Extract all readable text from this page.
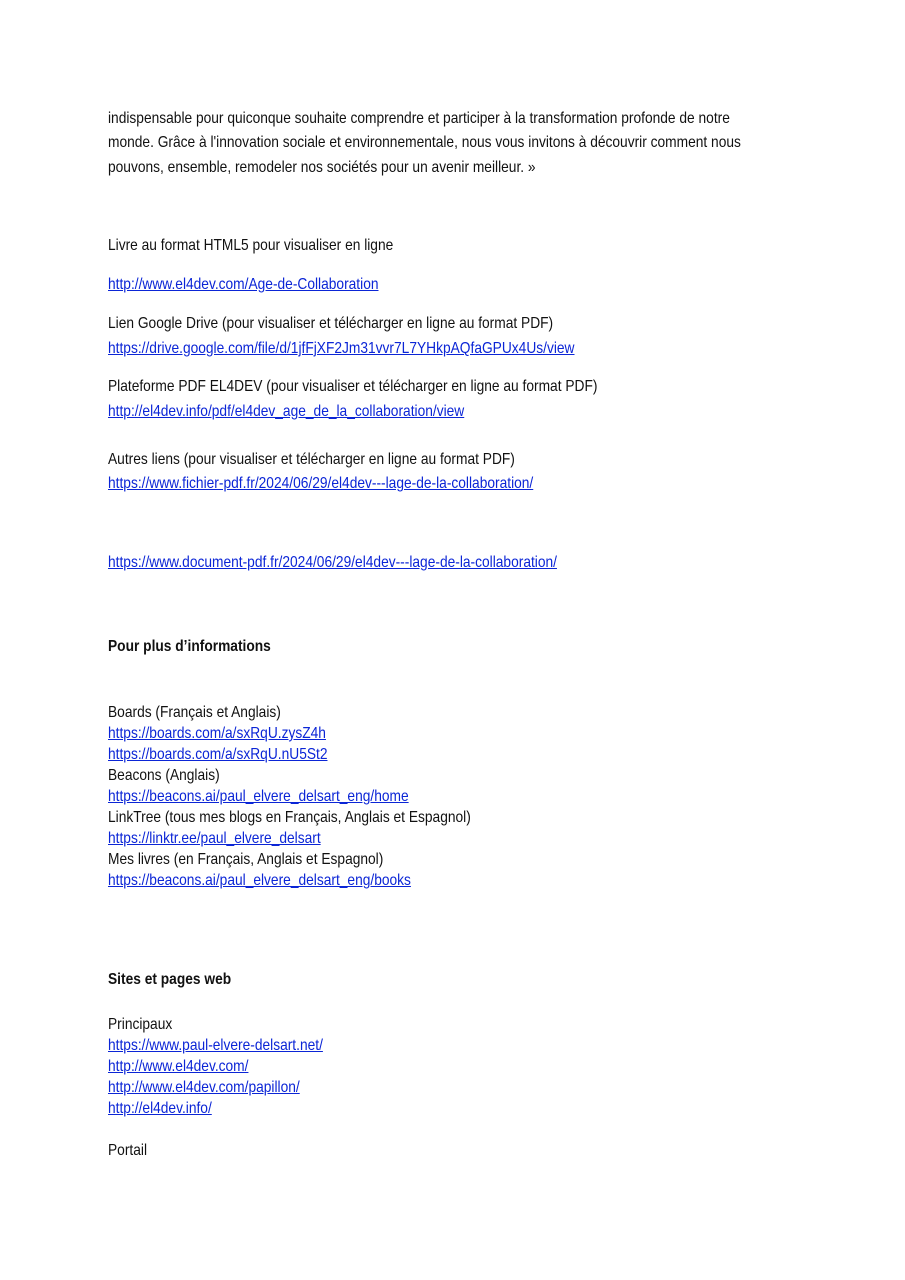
indispensable pour quiconque souhaite comprendre et participer à la transformation profonde de notre
monde. Grâce à l'innovation sociale et environnementale, nous vous invitons à découvrir comment nous
pouvons, ensemble, remodeler nos sociétés pour un avenir meilleur. »
Livre au format HTML5 pour visualiser en ligne
http://www.el4dev.com/Age-de-Collaboration
Lien Google Drive (pour visualiser et télécharger en ligne au format PDF)
https://drive.google.com/file/d/1jfFjXF2Jm31vvr7L7YHkpAQfaGPUx4Us/view
Plateforme PDF EL4DEV (pour visualiser et télécharger en ligne au format PDF)
http://el4dev.info/pdf/el4dev_age_de_la_collaboration/view
Autres liens (pour visualiser et télécharger en ligne au format PDF)
https://www.fichier-pdf.fr/2024/06/29/el4dev---lage-de-la-collaboration/
https://www.document-pdf.fr/2024/06/29/el4dev---lage-de-la-collaboration/
Pour plus d’informations
Boards (Français et Anglais)
https://boards.com/a/sxRqU.zysZ4h
https://boards.com/a/sxRqU.nU5St2
Beacons (Anglais)
https://beacons.ai/paul_elvere_delsart_eng/home
LinkTree (tous mes blogs en Français, Anglais et Espagnol)
https://linktr.ee/paul_elvere_delsart
Mes livres (en Français, Anglais et Espagnol)
https://beacons.ai/paul_elvere_delsart_eng/books
Sites et pages web
Principaux
https://www.paul-elvere-delsart.net/
http://www.el4dev.com/
http://www.el4dev.com/papillon/
http://el4dev.info/
Portail
